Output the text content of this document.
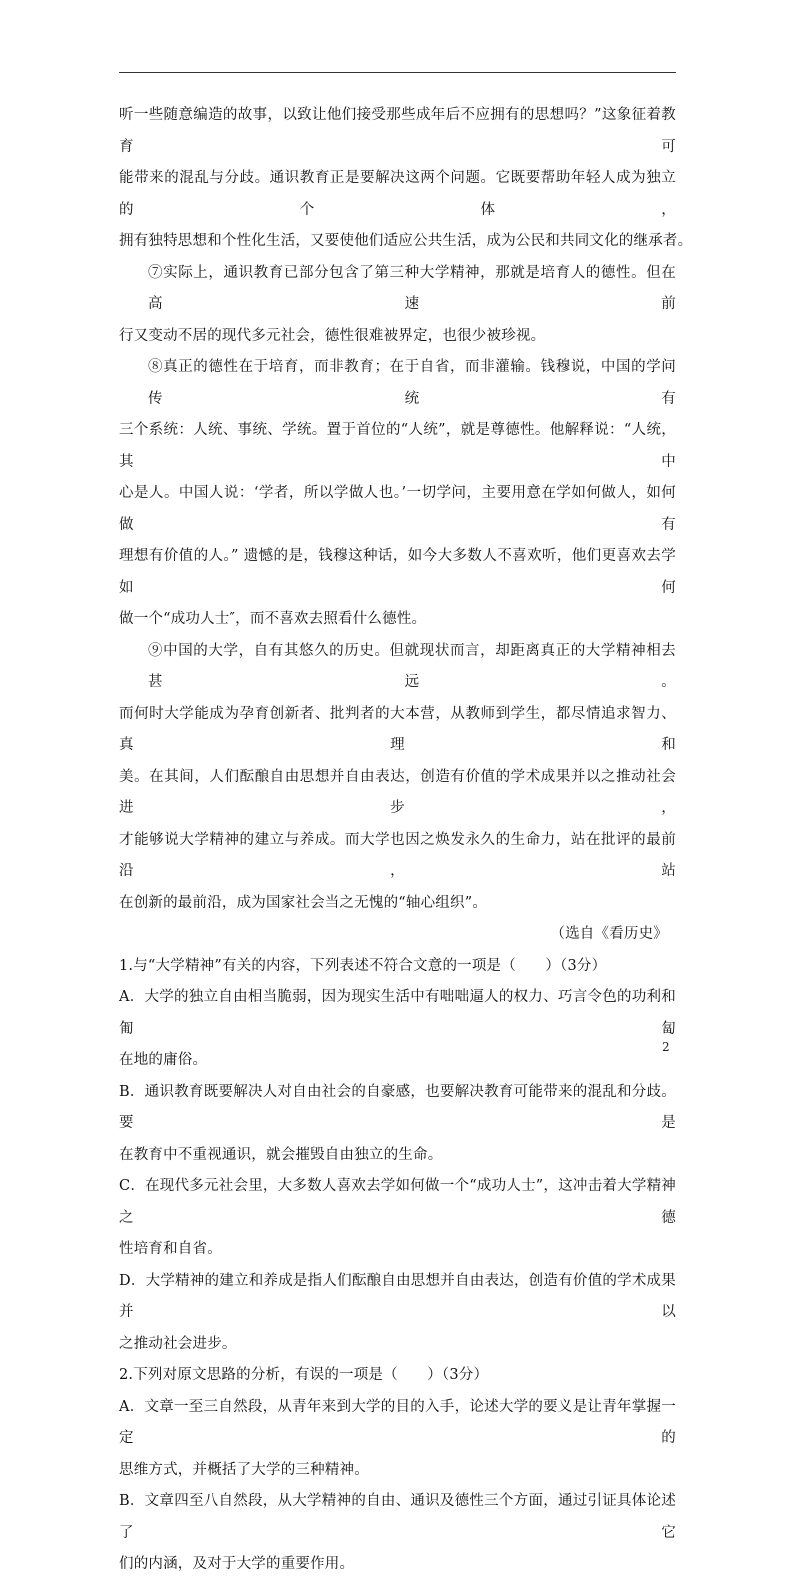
听一些随意编造的故事，以致让他们接受那些成年后不应拥有的思想吗？”这象征着教育可
能带来的混乱与分歧。通识教育正是要解决这两个问题。它既要帮助年轻人成为独立的个体，
拥有独特思想和个性化生活，又要使他们适应公共生活，成为公民和共同文化的继承者。
⑦实际上，通识教育已部分包含了第三种大学精神，那就是培育人的德性。但在高速前
行又变动不居的现代多元社会，德性很难被界定，也很少被珍视。
⑧真正的德性在于培育，而非教育；在于自省，而非灌输。钱穆说，中国的学问传统有
三个系统：人统、事统、学统。置于首位的“人统”，就是尊德性。他解释说：“人统，其中
心是人。中国人说：‘学者，所以学做人也。’一切学问，主要用意在学如何做人，如何做有
理想有价值的人。” 遗憾的是，钱穆这种话，如今大多数人不喜欢听，他们更喜欢去学如何
做一个“成功人士″，而不喜欢去照看什么德性。
⑨中国的大学，自有其悠久的历史。但就现状而言，却距离真正的大学精神相去甚远。
而何时大学能成为孕育创新者、批判者的大本营，从教师到学生，都尽情追求智力、真理和
美。在其间，人们酝酿自由思想并自由表达，创造有价值的学术成果并以之推动社会进步，
才能够说大学精神的建立与养成。而大学也因之焕发永久的生命力，站在批评的最前沿，站
在创新的最前沿，成为国家社会当之无愧的“轴心组织”。
（选自《看历史》
1.与“大学精神”有关的内容，下列表述不符合文意的一项是（　　）（3分）
A．大学的独立自由相当脆弱，因为现实生活中有咄咄逼人的权力、巧言令色的功利和匍匐
在地的庸俗。
B．通识教育既要解决人对自由社会的自豪感，也要解决教育可能带来的混乱和分歧。要是
在教育中不重视通识，就会摧毁自由独立的生命。
C．在现代多元社会里，大多数人喜欢去学如何做一个“成功人士”，这冲击着大学精神之德
性培育和自省。
D．大学精神的建立和养成是指人们酝酿自由思想并自由表达，创造有价值的学术成果并以
之推动社会进步。
2.下列对原文思路的分析，有误的一项是（　　）（3分）
A．文章一至三自然段，从青年来到大学的目的入手，论述大学的要义是让青年掌握一定的
思维方式，并概括了大学的三种精神。
B．文章四至八自然段，从大学精神的自由、通识及德性三个方面，通过引证具体论述了它
们的内涵，及对于大学的重要作用。
2
